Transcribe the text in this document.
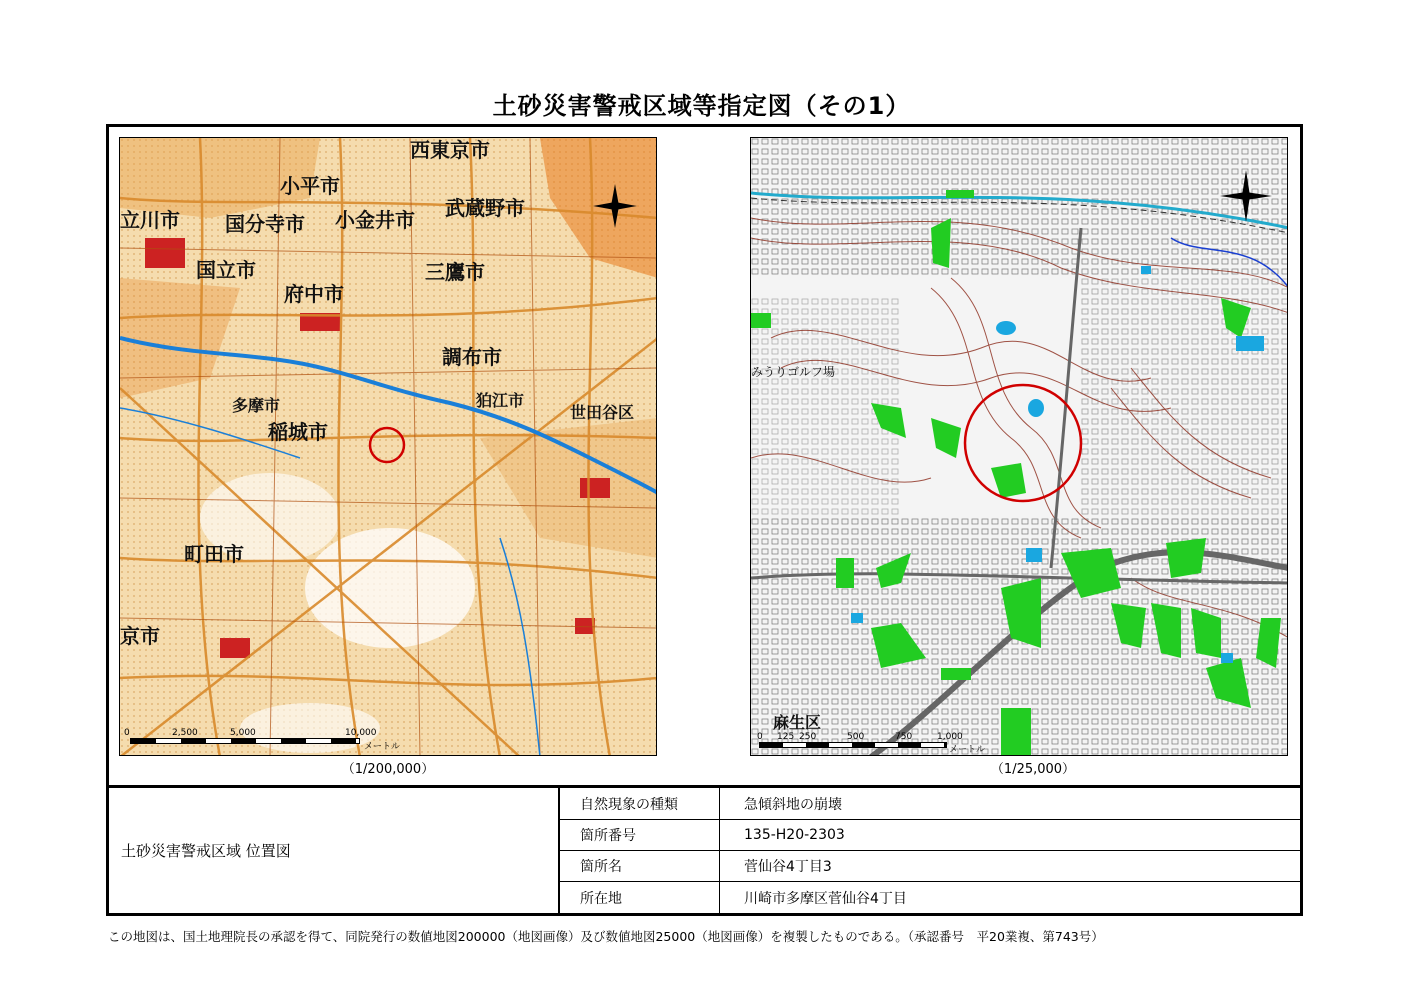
土砂災害警戒区域等指定図（その1）
小平市
立川市 国分寺市 小金井市 武蔵野市
国立市	三鷹市
府中市
調布市
狛江市
多摩市
稲城市
世田谷区
町田市
京市
西東京市
0	2,500	5,000	10,000
メートル
（1/200,000）
みうりゴルフ場
麻生区
0 125 250	500	750	1,000
メートル
（1/25,000）
土砂災害警戒区域 位置図
自然現象の種類	急傾斜地の崩壊
箇所番号	135-H20-2303
箇所名	菅仙谷4丁目3
所在地	川崎市多摩区菅仙谷4丁目
この地図は、国土地理院長の承認を得て、同院発行の数値地図200000（地図画像）及び数値地図25000（地図画像）を複製したものである。（承認番号　平20業複、第743号）
